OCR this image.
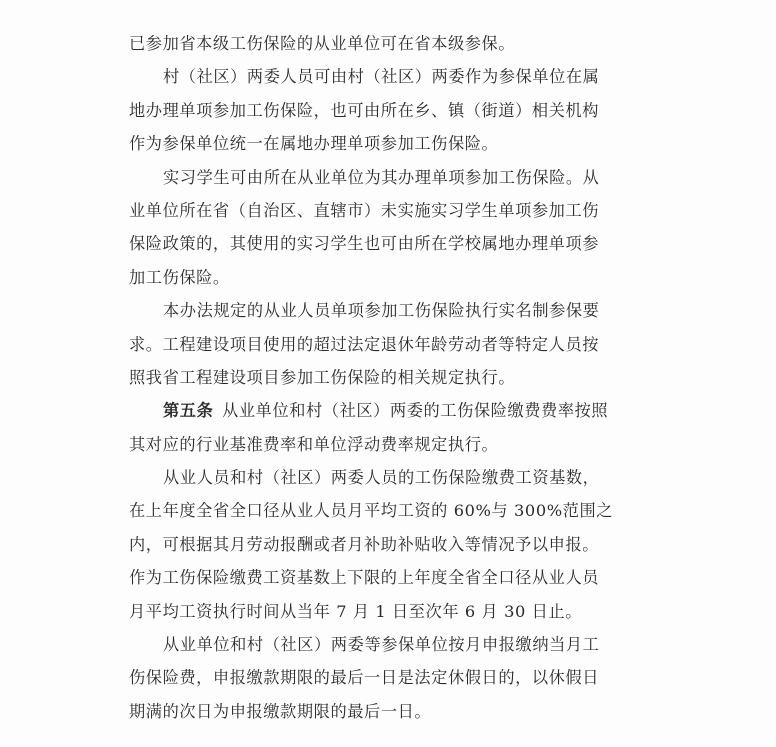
已参加省本级工伤保险的从业单位可在省本级参保。
村（社区）两委人员可由村（社区）两委作为参保单位在属
地办理单项参加工伤保险，也可由所在乡、镇（街道）相关机构
作为参保单位统一在属地办理单项参加工伤保险。
实习学生可由所在从业单位为其办理单项参加工伤保险。从
业单位所在省（自治区、直辖市）未实施实习学生单项参加工伤
保险政策的，其使用的实习学生也可由所在学校属地办理单项参
加工伤保险。
本办法规定的从业人员单项参加工伤保险执行实名制参保要
求。工程建设项目使用的超过法定退休年龄劳动者等特定人员按
照我省工程建设项目参加工伤保险的相关规定执行。
第五条  从业单位和村（社区）两委的工伤保险缴费费率按照
其对应的行业基准费率和单位浮动费率规定执行。
从业人员和村（社区）两委人员的工伤保险缴费工资基数，
在上年度全省全口径从业人员月平均工资的 60%与 300%范围之
内，可根据其月劳动报酬或者月补助补贴收入等情况予以申报。
作为工伤保险缴费工资基数上下限的上年度全省全口径从业人员
月平均工资执行时间从当年 7 月 1 日至次年 6 月 30 日止。
从业单位和村（社区）两委等参保单位按月申报缴纳当月工
伤保险费，申报缴款期限的最后一日是法定休假日的，以休假日
期满的次日为申报缴款期限的最后一日。
